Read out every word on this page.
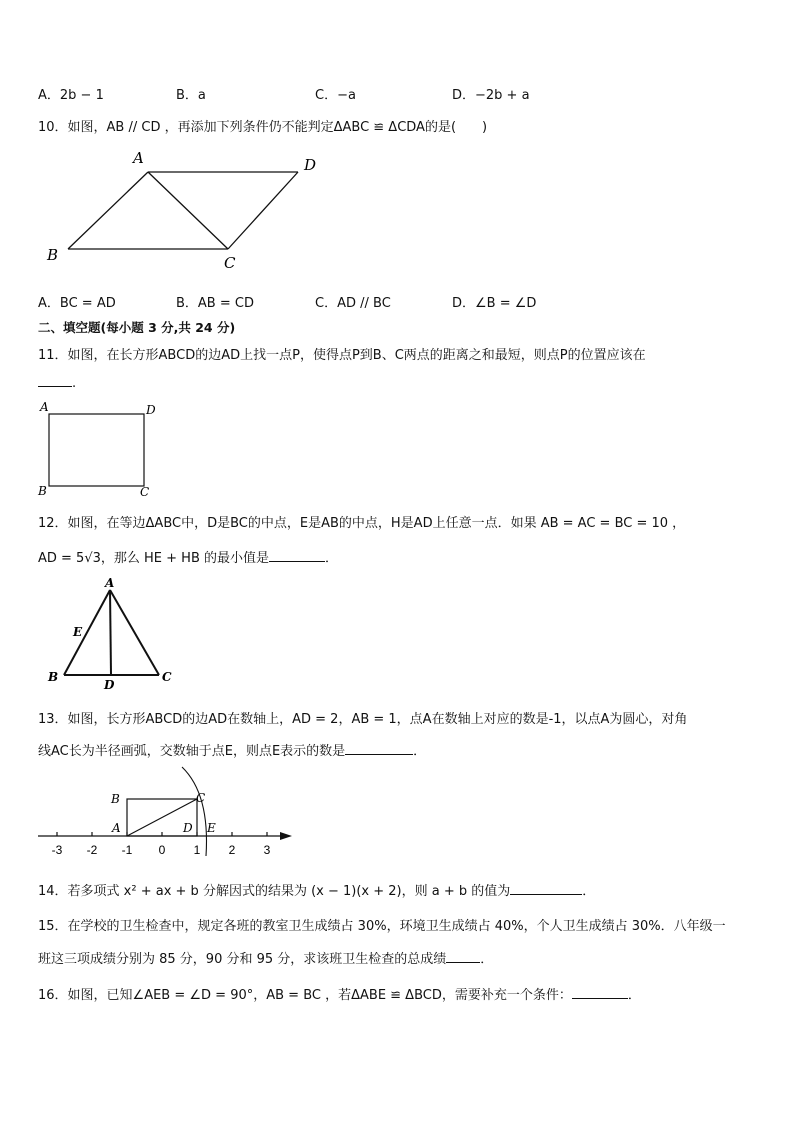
A．2b − 1	B．a	C．−a	D．−2b + a
10．如图，AB // CD ，再添加下列条件仍不能判定ΔABC ≌ ΔCDA的是(　　)
A	D
B	C
A．BC = AD	B．AB = CD	C．AD // BC	D．∠B = ∠D
二、填空题(每小题 3 分,共 24 分)
11．如图，在长方形ABCD的边AD上找一点P，使得点P到B、C两点的距离之和最短，则点P的位置应该在
.
A	D
B	C
12．如图，在等边ΔABC中，D是BC的中点，E是AB的中点，H是AD上任意一点．如果 AB = AC = BC = 10 ，
AD = 5√3，那么 HE + HB 的最小值是	．
A
E
B
D
C
13．如图，长方形ABCD的边AD在数轴上，AD = 2，AB = 1，点A在数轴上对应的数是-1，以点A为圆心，对角
线AC长为半径画弧，交数轴于点E，则点E表示的数是	．
-3 -2 -1 0 1 2 3
B	C
A	D E
14．若多项式 x² + ax + b 分解因式的结果为 (x − 1)(x + 2)，则 a + b 的值为	．
15．在学校的卫生检查中，规定各班的教室卫生成绩占 30%，环境卫生成绩占 40%，个人卫生成绩占 30%．八年级一
班这三项成绩分别为 85 分，90 分和 95 分，求该班卫生检查的总成绩	．
16．如图，已知∠AEB = ∠D = 90°，AB = BC ，若ΔABE ≌ ΔBCD，需要补充一个条件：	．
